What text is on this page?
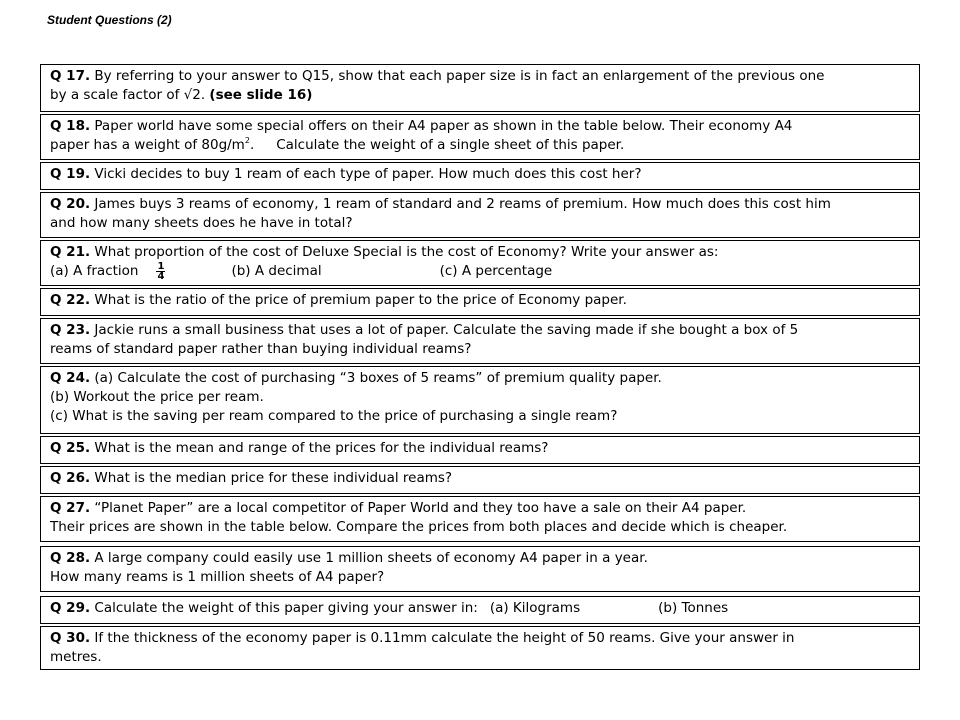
Student Questions (2)
Q 17. By referring to your answer to Q15, show that each paper size is in fact an enlargement of the previous one
by a scale factor of √2. (see slide 16)
Q 18. Paper world have some special offers on their A4 paper as shown in the table below. Their economy A4
paper has a weight of $80g/m^2$. Calculate the weight of a single sheet of this paper.
Q 19. Vicki decides to buy 1 ream of each type of paper. How much does this cost her?
Q 20. James buys 3 reams of economy, 1 ream of standard and 2 reams of premium. How much does this cost him
and how many sheets does he have in total?
Q 21. What proportion of the cost of Deluxe Special is the cost of Economy? Write your answer as:
(a) A fraction $\frac{1}{4}$	(b) A decimal	(c) A percentage
Q 22. What is the ratio of the price of premium paper to the price of Economy paper.
Q 23. Jackie runs a small business that uses a lot of paper. Calculate the saving made if she bought a box of 5
reams of standard paper rather than buying individual reams?
Q 24. (a) Calculate the cost of purchasing “3 boxes of 5 reams” of premium quality paper.
(b) Workout the price per ream.
(c) What is the saving per ream compared to the price of purchasing a single ream?
Q 25. What is the mean and range of the prices for the individual reams?
Q 26. What is the median price for these individual reams?
Q 27. “Planet Paper” are a local competitor of Paper World and they too have a sale on their A4 paper.
Their prices are shown in the table below. Compare the prices from both places and decide which is cheaper.
Q 28. A large company could easily use 1 million sheets of economy A4 paper in a year.
How many reams is 1 million sheets of A4 paper?
Q 29. Calculate the weight of this paper giving your answer in: (a) Kilograms	(b) Tonnes
Q 30. If the thickness of the economy paper is 0.11mm calculate the height of 50 reams. Give your answer in
metres.
